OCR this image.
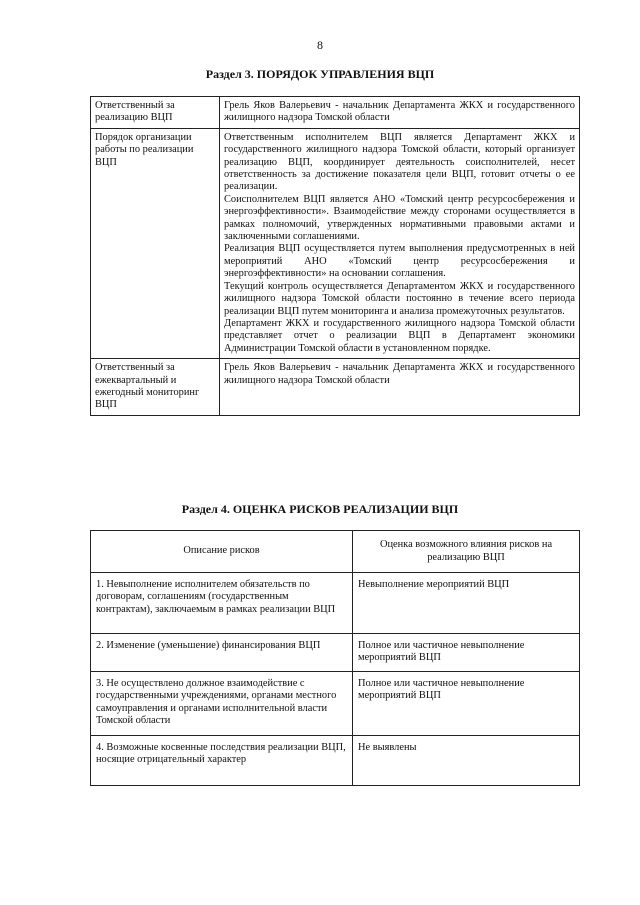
8
Раздел 3. ПОРЯДОК УПРАВЛЕНИЯ ВЦП
Ответственный за реализацию ВЦП	Грель Яков Валерьевич - начальник Департамента ЖКХ и государственного жилищного надзора Томской области

Порядок организации работы по реализации ВЦП	Ответственным исполнителем ВЦП является Департамент ЖКХ и государственного жилищного надзора Томской области, который организует реализацию ВЦП, координирует деятельность соисполнителей, несет ответственность за достижение показателя цели ВЦП, готовит отчеты о ее реализации.

Соисполнителем ВЦП является АНО «Томский центр ресурсосбережения и энергоэффективности». Взаимодействие между сторонами осуществляется в рамках полномочий, утвержденных нормативными правовыми актами и заключенными соглашениями.

Реализация ВЦП осуществляется путем выполнения предусмотренных в ней мероприятий АНО «Томский центр ресурсосбережения и энергоэффективности» на основании соглашения.

Текущий контроль осуществляется Департаментом ЖКХ и государственного жилищного надзора Томской области постоянно в течение всего периода реализации ВЦП путем мониторинга и анализа промежуточных результатов.

Департамент ЖКХ и государственного жилищного надзора Томской области представляет отчет о реализации ВЦП в Департамент экономики Администрации Томской области в установленном порядке.

Ответственный за ежеквартальный и ежегодный мониторинг ВЦП	Грель Яков Валерьевич - начальник Департамента ЖКХ и государственного жилищного надзора Томской области

Раздел 4. ОЦЕНКА РИСКОВ РЕАЛИЗАЦИИ ВЦП
Описание рисков	Оценка возможного влияния рисков на реализацию ВЦП
1. Невыполнение исполнителем обязательств по договорам, соглашениям (государственным контрактам), заключаемым в рамках реализации ВЦП	Невыполнение мероприятий ВЦП
2. Изменение (уменьшение) финансирования ВЦП	Полное или частичное невыполнение мероприятий ВЦП
3. Не осуществлено должное взаимодействие с государственными учреждениями, органами местного самоуправления и органами исполнительной власти Томской области	Полное или частичное невыполнение мероприятий ВЦП
4. Возможные косвенные последствия реализации ВЦП, носящие отрицательный характер	Не выявлены
